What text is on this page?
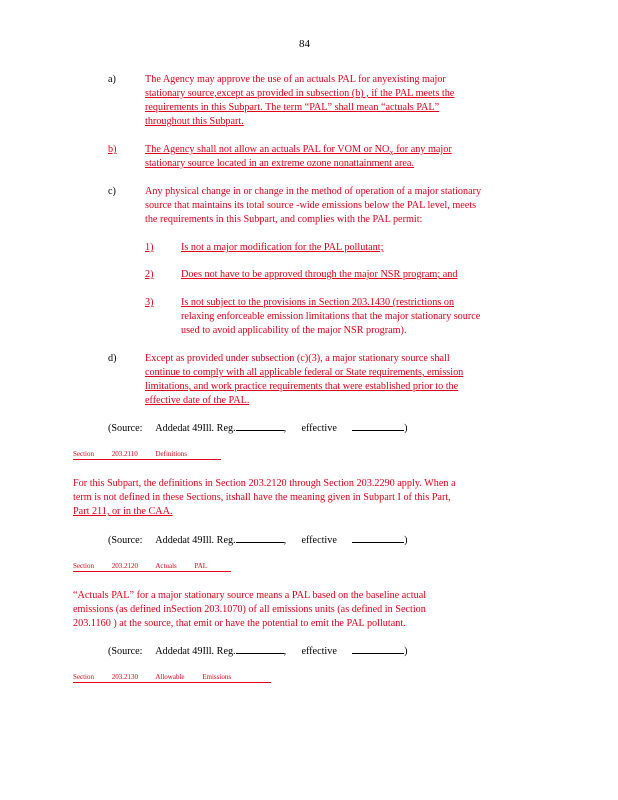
84
a)	The Agency may approve the use of an actuals PAL for anyexisting major
stationary source,except as provided in subsection (b) , if the PAL meets the
requirements in this Subpart. The term “PAL” shall mean “actuals PAL”
throughout this Subpart.
b)	The Agency shall not allow an actuals PAL for VOM or $NO_X$ for any major
stationary source located in an extreme ozone nonattainment area.
c)	Any physical change in or change in the method of operation of a major stationary
source that maintains its total source -wide emissions below the PAL level, meets
the requirements in this Subpart, and complies with the PAL permit:
1)	Is not a major modification for the PAL pollutant;
2)	Does not have to be approved through the major NSR program; and
3)	Is not subject to the provisions in Section 203.1430 (restrictions on
relaxing enforceable emission limitations that the major stationary source
used to avoid applicability of the major NSR program).
d)	Except as provided under subsection (c)(3), a major stationary source shall
continue to comply with all applicable federal or State requirements, emission
limitations, and work practice requirements that were established prior to the
effective date of the PAL.
(Source: Addedat 49Ill. Reg.	,      effective	)
Section 203.2110 Definitions
For this Subpart, the definitions in Section 203.2120 through Section 203.2290 apply. When a
term is not defined in these Sections, itshall have the meaning given in Subpart I of this Part,
Part 211, or in the CAA.
(Source: Addedat 49Ill. Reg.	,      effective	)
Section 203.2120 Actuals PAL
“Actuals PAL” for a major stationary source means a PAL based on the baseline actual
emissions (as defined inSection 203.1070) of all emissions units (as defined in Section
203.1160 ) at the source, that emit or have the potential to emit the PAL pollutant.
(Source: Addedat 49Ill. Reg.	,      effective	)
Section 203.2130 Allowable Emissions
